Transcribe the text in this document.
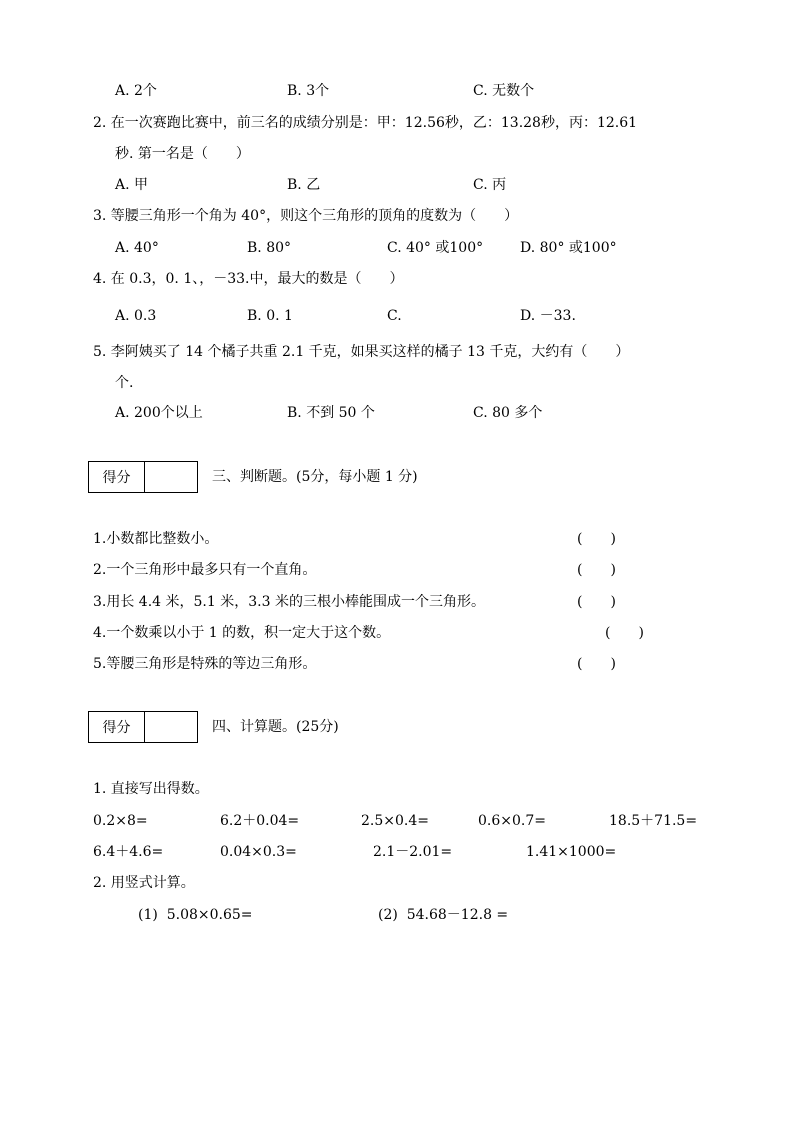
A. 2个	B. 3个	C. 无数个
2. 在一次赛跑比赛中，前三名的成绩分别是：甲：12.56秒，乙：13.28秒，丙：12.61
秒. 第一名是（　　）
A. 甲	B. 乙	C. 丙
3. 等腰三角形一个角为 40°，则这个三角形的顶角的度数为（　　）
A. 40°	B. 80°	C. 40° 或100°	D. 80° 或100°
4. 在 0.3，0. 1、，－33.中，最大的数是（　　）
A. 0.3	B. 0. 1	C.	D. －33.
5. 李阿姨买了 14 个橘子共重 2.1 千克，如果买这样的橘子 13 千克，大约有（　　）
个.
A. 200个以上	B. 不到 50 个	C. 80 多个
得分	三、判断题。(5分，每小题 1 分)
1.小数都比整数小。	(　　)
2.一个三角形中最多只有一个直角。	(　　)
3.用长 4.4 米，5.1 米，3.3 米的三根小棒能围成一个三角形。	(　　)
4.一个数乘以小于 1 的数，积一定大于这个数。	(　　)
5.等腰三角形是特殊的等边三角形。	(　　)
得分	四、计算题。(25分)
1. 直接写出得数。
0.2×8=	6.2＋0.04=	2.5×0.4=	0.6×0.7=	18.5＋71.5=
6.4＋4.6=	0.04×0.3=	2.1－2.01=	1.41×1000=
2. 用竖式计算。
(1)  5.08×0.65=	(2)  54.68－12.8 =
